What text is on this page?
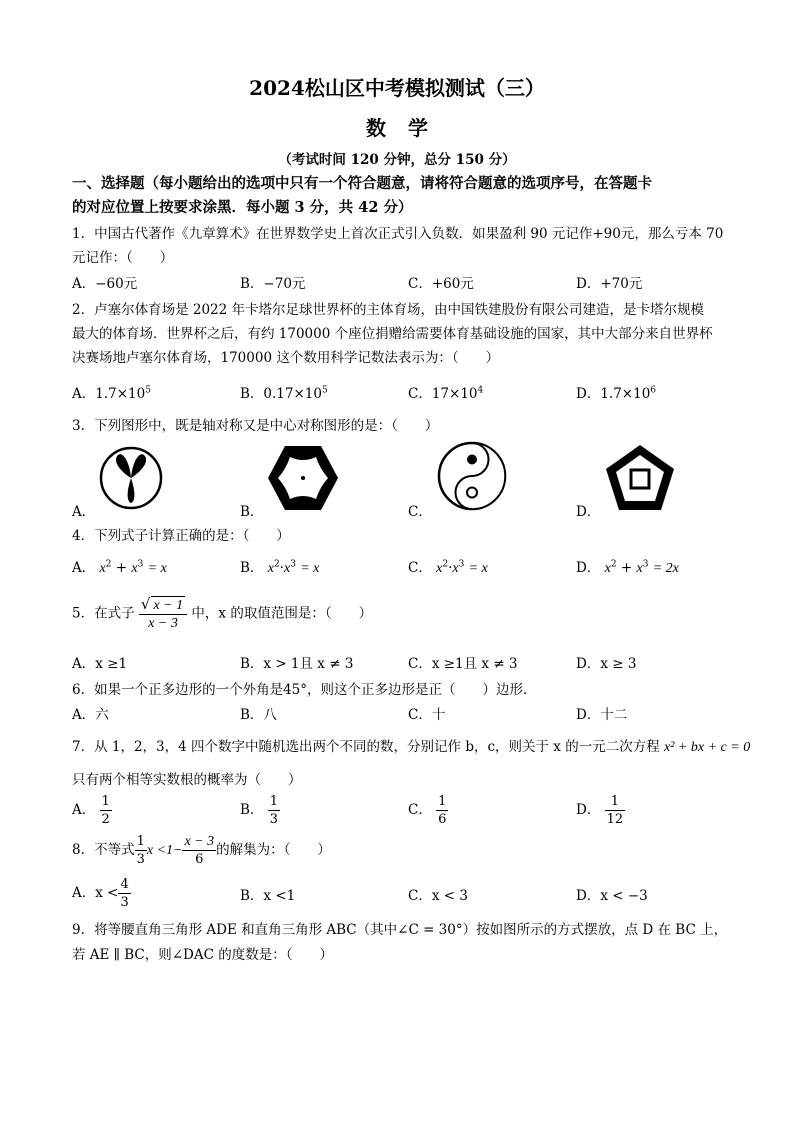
2024松山区中考模拟测试（三）
数学
（考试时间 120 分钟，总分 150 分）
一、选择题（每小题给出的选项中只有一个符合题意，请将符合题意的选项序号，在答题卡
的对应位置上按要求涂黑．每小题 3 分，共 42 分）
1．中国古代著作《九章算术》在世界数学史上首次正式引入负数．如果盈利 90 元记作+90元，那么亏本 70
元记作：（　　）
A．−60元	B．−70元	C．+60元	D．+70元
2．卢塞尔体育场是 2022 年卡塔尔足球世界杯的主体育场，由中国铁建股份有限公司建造，是卡塔尔规模
最大的体育场．世界杯之后，有约 170000 个座位捐赠给需要体育基础设施的国家，其中大部分来自世界杯
决赛场地卢塞尔体育场，170000 这个数用科学记数法表示为：（　　）
A．$1.7\times 10^5$	B．$0.17\times 10^5$	C．$17\times 10^4$	D．$1.7\times 10^6$
3．下列图形中，既是轴对称又是中心对称图形的是：（　　）
A．	B．	C．	D．
4．下列式子计算正确的是：（　　）
A． $x^2 + x^3 = x$	B． $x^2\cdot x^3 = x$	C． $x^2\cdot x^3 = x$	D． $x^2 + x^3 = 2x$
5．在式子 $\frac{√ x - 1}{x - 3}$ 中，x 的取值范围是：（　　）
A．x ≥1	B．x > 1且 x ≠ 3	C．x ≥1且 x ≠ 3	D．x ≥ 3
6．如果一个正多边形的一个外角是45°，则这个正多边形是正（　　）边形．
A．六	B．八	C．十	D．十二
7．从 1，2，3，4 四个数字中随机选出两个不同的数，分别记作 b，c，则关于 x 的一元二次方程 x² + bx + c = 0
只有两个相等实数根的概率为（　　）
A． $\frac{1}{2}$	B． $\frac{1}{3}$	C． $\frac{1}{6}$	D． $\frac{1}{12}$
8．不等式 $\frac{1}{3}$ $x <1- \frac{x - 3}{6}$ 的解集为：（　　）
A．$x < \frac{4}{3}$	B．x <1	C．x < 3	D．x < −3
9．将等腰直角三角形 ADE 和直角三角形 ABC（其中∠C = 30°）按如图所示的方式摆放，点 D 在 BC 上，
若 AE ∥ BC，则∠DAC 的度数是：（　　）
